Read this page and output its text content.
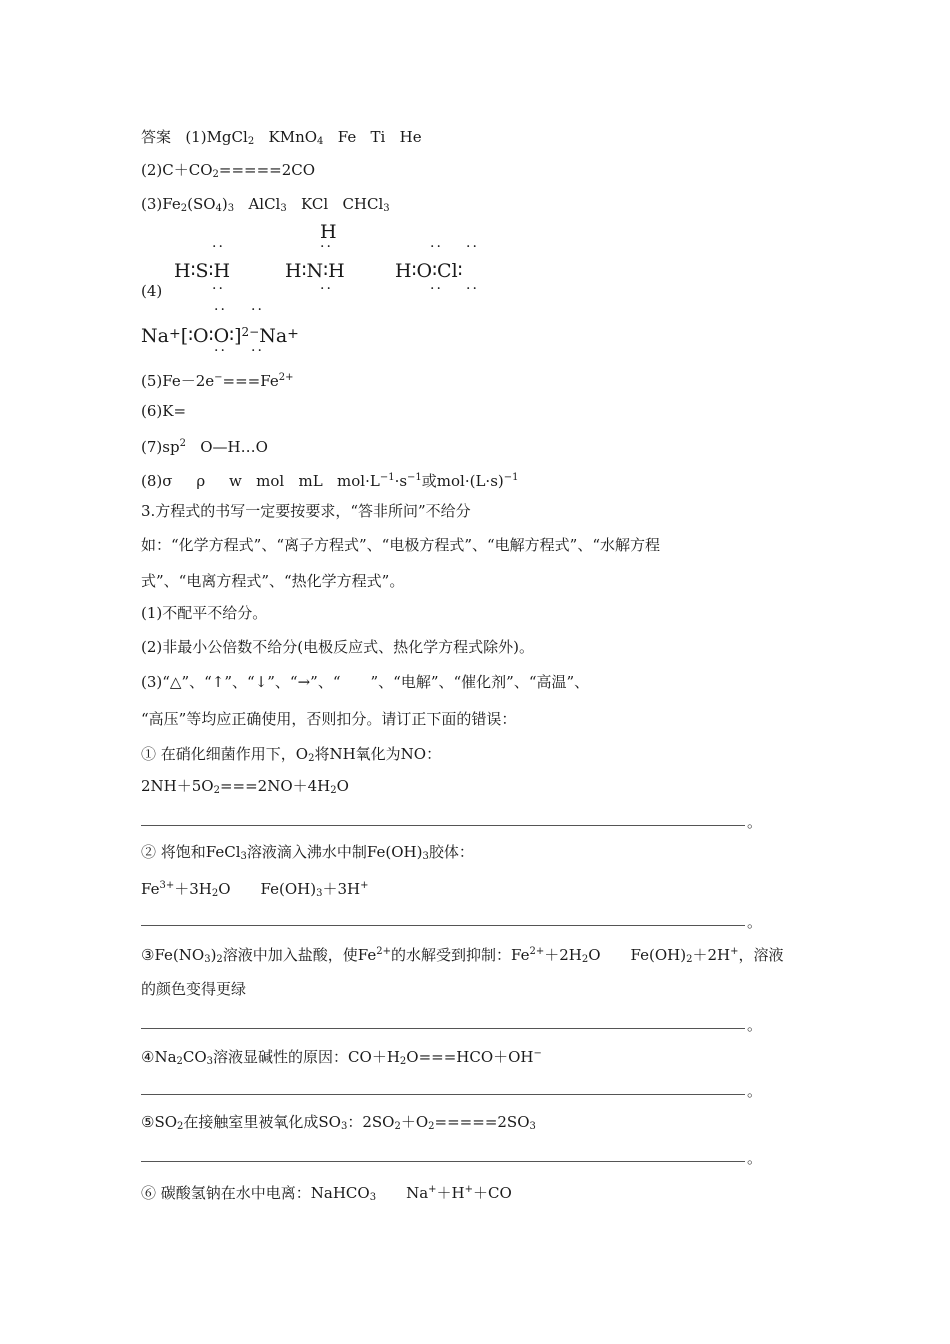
答案 (1)MgCl$_2$ KMnO$_4$ Fe Ti He
$(2)C+CO_2=====2CO$
$(3)Fe_2(SO_4)_3$ AlCl$_3$ KCl CHCl$_3$
(4)
H
··	··	·· ··
H∶S∶H	H∶N∶H	H∶O∶Cl∶
··	··	·· ··
·· ··
Na+[∶O∶O∶]$^{2-}$Na+
·· ··
$(5)Fe-2e^-===Fe^{2+}$
(6)K=
$(7)sp^2$ O—H…O
(8)σ ρ w mol mL $mol\cdot L^{-1}\cdot s^{-1}$或$mol\cdot(L\cdot s)^{-1}$
3.方程式的书写一定要按要求，“答非所问”不给分
如：“化学方程式”、“离子方程式”、“电极方程式”、“电解方程式”、“水解方程
式”、“电离方程式”、“热化学方程式”。
(1)不配平不给分。
(2)非最小公倍数不给分(电极反应式、热化学方程式除外)。
(3)“△”、“↑”、“↓”、“→”、“　　”、“电解”、“催化剂”、“高温”、
“高压”等均应正确使用，否则扣分。请订正下面的错误：
① 在硝化细菌作用下，$O_2$将NH氧化为NO：
$2NH+5O_2===2NO+4H_2O$
。
② 将饱和FeCl$_3$溶液滴入沸水中制$Fe(OH)_3$胶体：
$Fe^{3+}+3H_2O$　　$Fe(OH)_3+3H^+$
。
$③Fe(NO_3)_2$溶液中加入盐酸，使$Fe^{2+}$的水解受到抑制：$Fe^{2+}+2H_2O$　　$Fe(OH)_2+2H^+$，溶液
的颜色变得更绿
。
$④Na_2CO_3$溶液显碱性的原因：$CO+H_2O===HCO+OH^-$
。
$⑤SO_2$在接触室里被氧化成$SO_3$：$2SO_2+O_2=====2SO_3$
。
⑥ 碳酸氢钠在水中电离：NaHCO$_3$　　Na+＋H+＋CO
